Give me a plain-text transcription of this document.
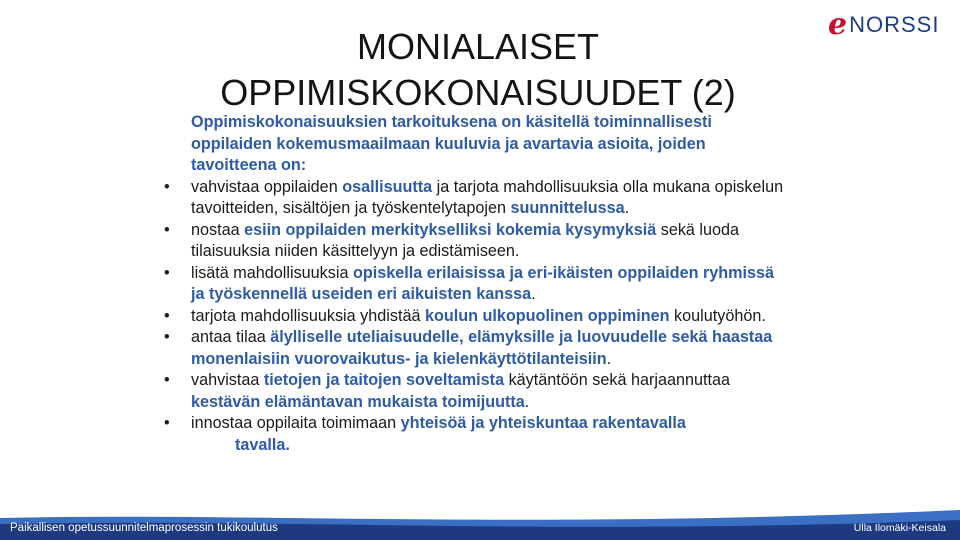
e NORSSI
MONIALAISET
OPPIMISKOKONAISUUDET (2)
Oppimiskokonaisuuksien tarkoituksena on käsitellä toiminnallisesti oppilaiden kokemusmaailmaan kuuluvia ja avartavia asioita, joiden tavoitteena on:
• vahvistaa oppilaiden osallisuutta ja tarjota mahdollisuuksia olla mukana opiskelun tavoitteiden, sisältöjen ja työskentelytapojen suunnittelussa.
• nostaa esiin oppilaiden merkitykselliksi kokemia kysymyksiä sekä luoda tilaisuuksia niiden käsittelyyn ja edistämiseen.
• lisätä mahdollisuuksia opiskella erilaisissa ja eri-ikäisten oppilaiden ryhmissä ja työskennellä useiden eri aikuisten kanssa.
• tarjota mahdollisuuksia yhdistää koulun ulkopuolinen oppiminen koulutyöhön.
• antaa tilaa älylliselle uteliaisuudelle, elämyksille ja luovuudelle sekä haastaa monenlaisiin vuorovaikutus- ja kielenkäyttötilanteisiin.
• vahvistaa tietojen ja taitojen soveltamista käytäntöön sekä harjaannuttaa kestävän elämäntavan mukaista toimijuutta.
• innostaa oppilaita toimimaan yhteisöä ja yhteiskuntaa rakentavalla
tavalla.
Paikallisen opetussuunnitelmaprosessin tukikoulutus	Ulla Ilomäki-Keisala
